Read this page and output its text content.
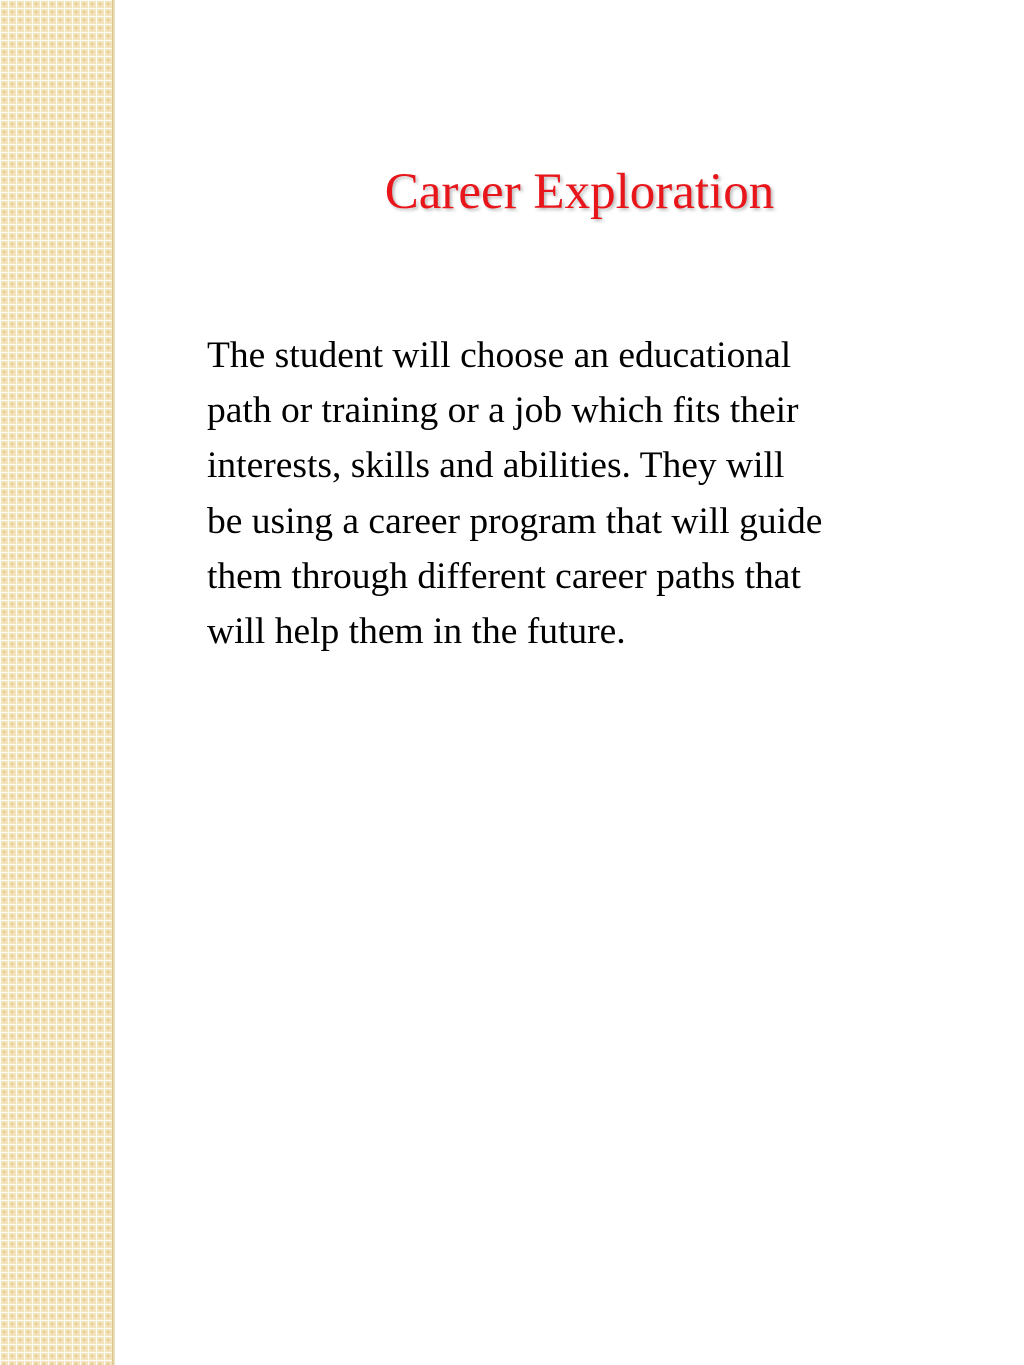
Career Exploration
The student will choose an educational
path or training or a job which fits their
interests, skills and abilities. They will
be using a career program that will guide
them through different career paths that
will help them in the future.
